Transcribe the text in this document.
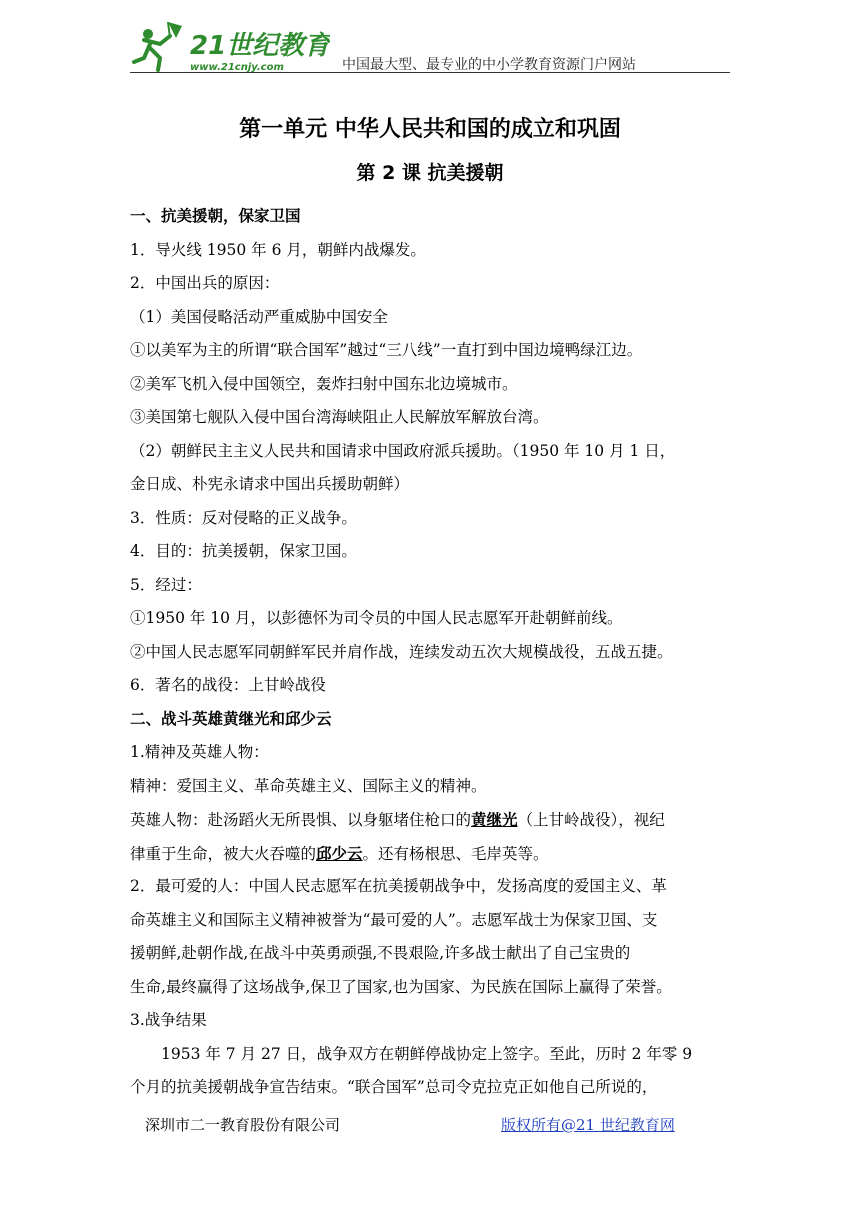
21世纪教育
www.21cnjy.com	中国最大型、最专业的中小学教育资源门户网站
第一单元 中华人民共和国的成立和巩固
第 2 课 抗美援朝
一、抗美援朝，保家卫国
1．导火线 1950 年 6 月，朝鲜内战爆发。
2．中国出兵的原因：
（1）美国侵略活动严重威胁中国安全
①以美军为主的所谓“联合国军”越过“三八线”一直打到中国边境鸭绿江边。
②美军飞机入侵中国领空，轰炸扫射中国东北边境城市。
③美国第七舰队入侵中国台湾海峡阻止人民解放军解放台湾。
（2）朝鲜民主主义人民共和国请求中国政府派兵援助。（1950 年 10 月 1 日，
金日成、朴宪永请求中国出兵援助朝鲜）
3．性质：反对侵略的正义战争。
4．目的：抗美援朝，保家卫国。
5．经过：
①1950 年 10 月，以彭德怀为司令员的中国人民志愿军开赴朝鲜前线。
②中国人民志愿军同朝鲜军民并肩作战，连续发动五次大规模战役，五战五捷。
6．著名的战役：上甘岭战役
二、战斗英雄黄继光和邱少云
1.精神及英雄人物：
精神：爱国主义、革命英雄主义、国际主义的精神。
英雄人物：赴汤蹈火无所畏惧、以身躯堵住枪口的黄继光（上甘岭战役），视纪
律重于生命，被大火吞噬的邱少云。还有杨根思、毛岸英等。
2．最可爱的人：中国人民志愿军在抗美援朝战争中，发扬高度的爱国主义、革
命英雄主义和国际主义精神被誉为“最可爱的人”。志愿军战士为保家卫国、支
援朝鲜,赴朝作战,在战斗中英勇顽强,不畏艰险,许多战士献出了自己宝贵的
生命,最终赢得了这场战争,保卫了国家,也为国家、为民族在国际上赢得了荣誉。
3.战争结果
1953 年 7 月 27 日，战争双方在朝鲜停战协定上签字。至此，历时 2 年零 9
个月的抗美援朝战争宣告结束。“联合国军”总司令克拉克正如他自己所说的，
深圳市二一教育股份有限公司	版权所有@21 世纪教育网
